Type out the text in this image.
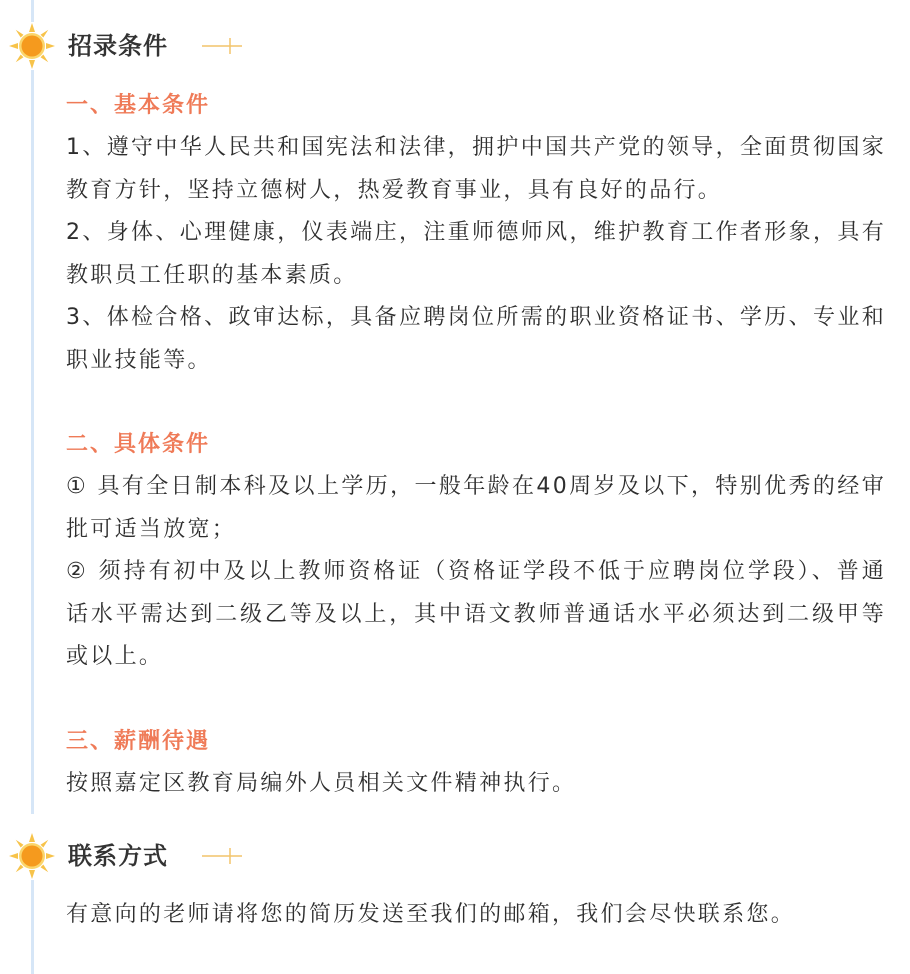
招录条件
一、基本条件

1、遵守中华人民共和国宪法和法律，拥护中国共产党的领导，全面贯彻国家教育方针，坚持立德树人，热爱教育事业，具有良好的品行。

2、身体、心理健康，仪表端庄，注重师德师风，维护教育工作者形象，具有教职员工任职的基本素质。

3、体检合格、政审达标，具备应聘岗位所需的职业资格证书、学历、专业和职业技能等。

二、具体条件

① 具有全日制本科及以上学历，一般年龄在40周岁及以下，特别优秀的经审批可适当放宽；

② 须持有初中及以上教师资格证（资格证学段不低于应聘岗位学段）、普通话水平需达到二级乙等及以上，其中语文教师普通话水平必须达到二级甲等或以上。

三、薪酬待遇

按照嘉定区教育局编外人员相关文件精神执行。

联系方式

有意向的老师请将您的简历发送至我们的邮箱，我们会尽快联系您。
